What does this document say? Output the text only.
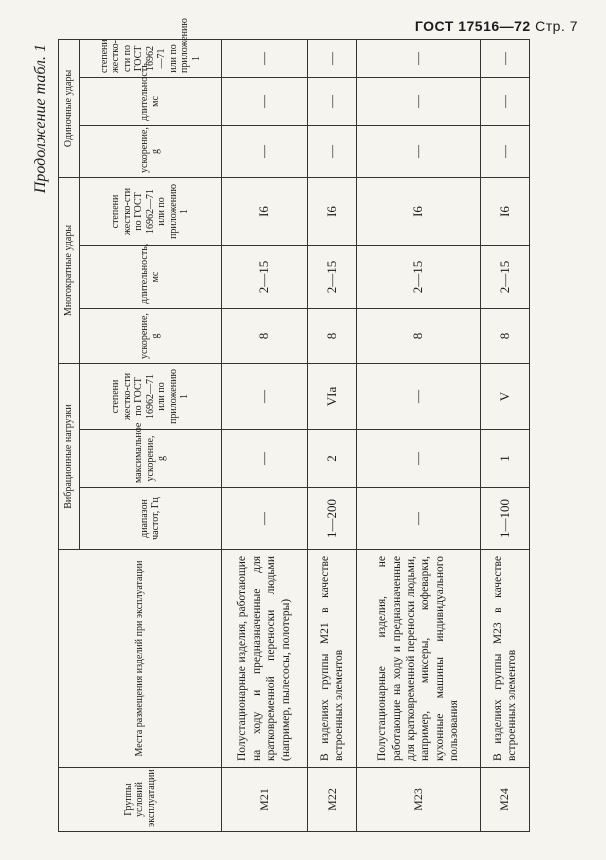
ГОСТ 17516—72 Стр. 7
Продолжение табл. 1
Группы условий эксплуатации	Места размещения изделий при эксплуатации	Вибрационные нагрузки			Многократные удары			Одиночные удары		
		диапазон частот, Гц	максимальное ускорение, g	степени жестко-сти по ГОСТ 16962—71 или по приложению 1	ускорение, g	длительность, мс	степени жестко-сти по ГОСТ 16962—71 или по приложению 1	ускорение, g	длительность, мс	степени жестко-сти по ГОСТ 16962—71 или по приложению 1
М21	Полустационарные изделия, работающие на ходу и предназначенные для кратковременной переноски людьми (например, пылесосы, полотеры)	—	—	—	8	2—15	I6	—	—	—
М22	В изделиях группы М21 в качестве встроенных элементов	1—200	2	VIa	8	2—15	I6	—	—	—
М23	Полустационарные изделия, не работающие на ходу и предназначенные для кратковременной переноски людьми, например, миксеры, кофеварки, кухонные машины индивидуального пользования	—	—	—	8	2—15	I6	—	—	—
М24	В изделиях группы М23 в качестве встроенных элементов	1—100	1	V	8	2—15	I6	—	—	—
